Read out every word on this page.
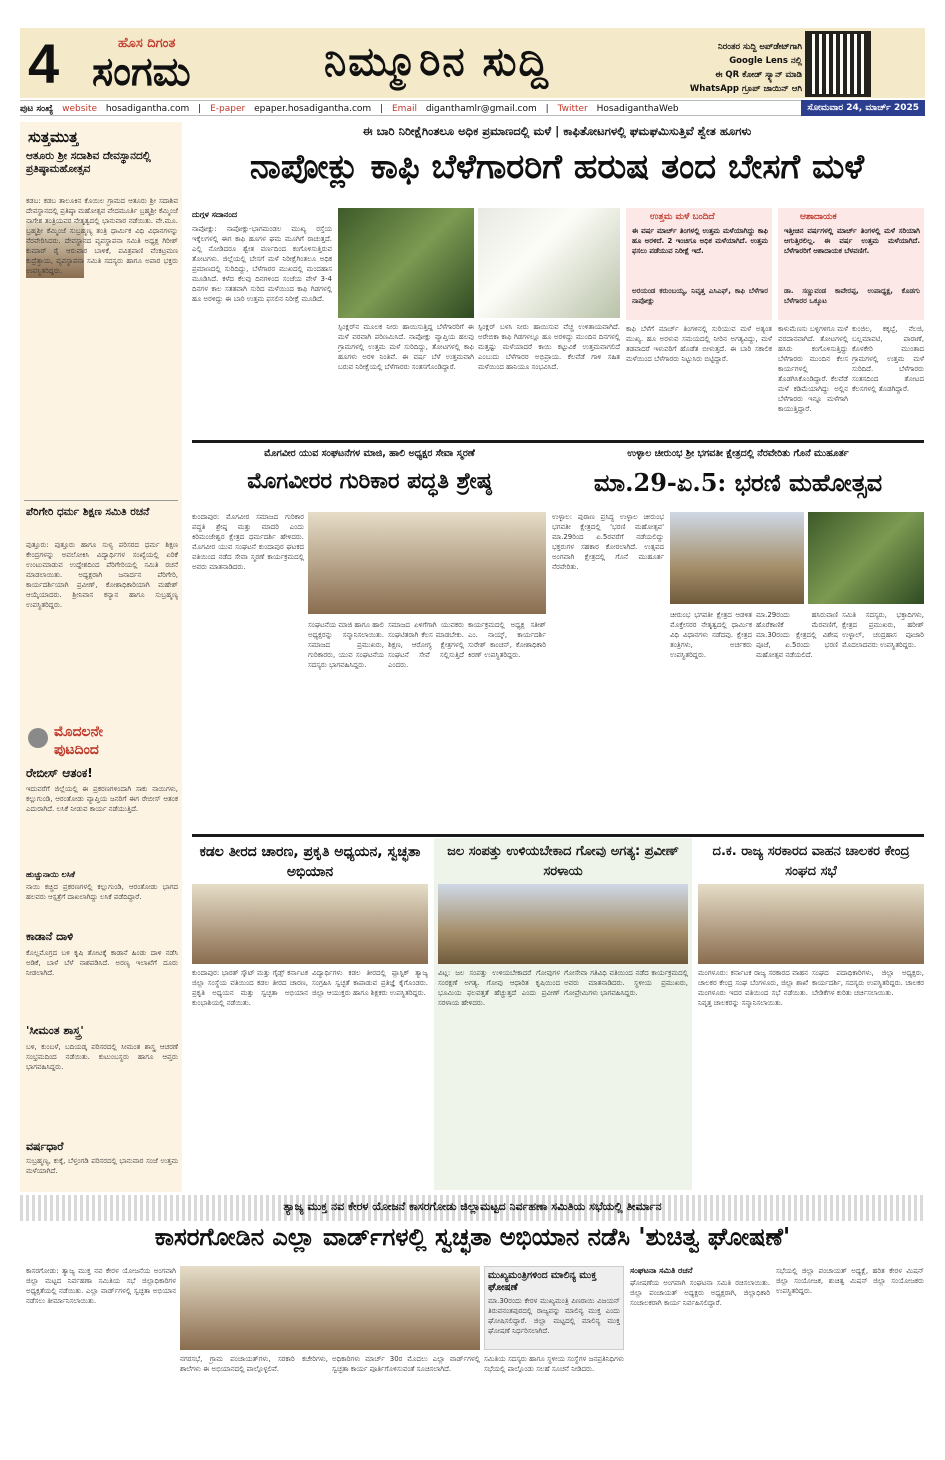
4	ಹೊಸ ದಿಗಂತ
ಸಂಗಮ	ನಿಮ್ಮೂರಿನ ಸುದ್ದಿ	ನಿರಂತರ ಸುದ್ದಿ ಅಪ್‌ಡೇಟ್‌ಗಾಗಿ
Google Lens ನಲ್ಲಿ
ಈ QR ಕೋಡ್ ಸ್ಕ್ಯಾನ್ ಮಾಡಿ
WhatsApp ಗ್ರೂಪ್ ಜಾಯಿನ್ ಆಗಿ
ಪುಟ ಸಂಖ್ಯೆ website hosadigantha.com | E-paper epaper.hosadigantha.com | Email diganthamlr@gmail.com | Twitter HosadiganthaWeb	ಸೋಮವಾರ 24, ಮಾರ್ಚ್ 2025
ಸುತ್ತಮುತ್ತ
ಆತೂರು ಶ್ರೀ ಸದಾಶಿವ ದೇವಸ್ಥಾನದಲ್ಲಿ ಪ್ರತಿಷ್ಠಾಮಹೋತ್ಸವ
ಕಡಬ: ಕಡಬ ತಾಲೂಕಿನ ಕೊಯಿಲ ಗ್ರಾಮದ ಆತೂರು ಶ್ರೀ ಸದಾಶಿವ ದೇವಸ್ಥಾನದಲ್ಲಿ ಪ್ರತಿಷ್ಠಾ ಮಹೋತ್ಸವ ವೇದಮೂರ್ತಿ ಬ್ರಹ್ಮಶ್ರೀ ಕೆಮ್ಮಿಂಜೆ ನಾಗೇಶ ತಂತ್ರಿಯವರ ನೇತೃತ್ವದಲ್ಲಿ ಭಾನುವಾರ ನಡೆಯಿತು. ವೇ.ಮೂ. ಬ್ರಹ್ಮಶ್ರೀ ಕೆಮ್ಮಿಂಜೆ ಸುಬ್ರಹ್ಮಣ್ಯ ತಂತ್ರಿ ಧಾರ್ಮಿಕ ವಿಧಿ ವಿಧಾನಗಳನ್ನು ನೆರವೇರಿಸಿದರು. ದೇವಸ್ಥಾನದ ವ್ಯವಸ್ಥಾಪನಾ ಸಮಿತಿ ಅಧ್ಯಕ್ಷ ಗಿರೀಶ್ ಕುಮಾರ್ ರೈ ಆರುವಾರ ಬಾಳಿಕೆ, ಪವಿತ್ರಪಾಣಿ ವೆಂಕಟ್ರಮಣ ಕುದ್ರೆತ್ತಾಯ, ವ್ಯವಸ್ಥಾಪನಾ ಸಮಿತಿ ಸದಸ್ಯರು ಹಾಗೂ ಅಪಾರ ಭಕ್ತರು ಉಪಸ್ಥಿತರಿದ್ದರು.
ಪೆರಿಗೇರಿ ಧರ್ಮ ಶಿಕ್ಷಣ ಸಮಿತಿ ರಚನೆ
ಪುತ್ತೂರು: ಪುತ್ತೂರು ಹಾಗೂ ಸುಳ್ಯ ಪರಿಸರದ ಧರ್ಮ ಶಿಕ್ಷಣ ಕೇಂದ್ರಗಳನ್ನು ಅವಲೋಕಿಸಿ ವಿದ್ಯಾರ್ಥಿಗಳ ಸಂಖ್ಯೆಯಲ್ಲಿ ಏರಿಕೆ ಉಂಟುಮಾಡುವ ಉದ್ದೇಶದಿಂದ ಪೆರಿಗೇರಿಯಲ್ಲಿ ಸಮಿತಿ ರಚನೆ ಮಾಡಲಾಯಿತು. ಅಧ್ಯಕ್ಷರಾಗಿ ಜನಾರ್ದನ ಪೆರಿಗೇರಿ, ಕಾರ್ಯದರ್ಶಿಯಾಗಿ ಪ್ರವೀಣ್, ಕೋಶಾಧಿಕಾರಿಯಾಗಿ ಮಹೇಶ್ ಆಯ್ಕೆಯಾದರು. ಶ್ರೀನಿವಾಸ ಕನ್ಯಾನ ಹಾಗೂ ಸುಬ್ರಹ್ಮಣ್ಯ ಉಪಸ್ಥಿತರಿದ್ದರು.
ಮೊದಲನೇ
ಪುಟದಿಂದ
ರೇಬೀಸ್ ಆತಂಕ!
ಇದುವರೆಗೆ ಜಿಲ್ಲೆಯಲ್ಲಿ ಈ ಪ್ರಕರಣಗಳಿಂದಾಗಿ ಸಾಕು ನಾಯಿಗಳು, ಕಲ್ಲುಗುಂಡಿ, ಆರಂತೋಡು ವ್ಯಾಪ್ತಿಯ ಜನರಿಗೆ ಈಗ ರೇಬೀಸ್ ಆತಂಕ ಎದುರಾಗಿದೆ. ಲಸಿಕೆ ನೀಡುವ ಕಾರ್ಯ ನಡೆಯುತ್ತಿದೆ.
ಹುಚ್ಚುನಾಯಿ ಲಸಿಕೆ
ನಾಯಿ ಕಚ್ಚಿದ ಪ್ರಕರಣಗಳಲ್ಲಿ ಕಲ್ಲುಗುಂಡಿ, ಆರಂತೋಡು ಭಾಗದ ಹಲವರು ಆಸ್ಪತ್ರೆಗೆ ದಾಖಲಾಗಿದ್ದು ಲಸಿಕೆ ಪಡೆದಿದ್ದಾರೆ.
ಕಾಡಾನೆ ದಾಳಿ
ಕೊಲ್ಲಮೊಗ್ರದ ಬಳಿ ಕೃಷಿ ತೋಟಕ್ಕೆ ಕಾಡಾನೆ ಹಿಂಡು ದಾಳಿ ನಡೆಸಿ ಅಡಿಕೆ, ಬಾಳೆ ಬೆಳೆ ನಾಶಪಡಿಸಿದೆ. ಅರಣ್ಯ ಇಲಾಖೆಗೆ ದೂರು ನೀಡಲಾಗಿದೆ.
'ಸೀಮಂತ ಶಾಸ್ತ್ರ'
ಬಳಿ, ಕುಂಬಳೆ, ಬದಿಯಡ್ಕ ಪರಿಸರದಲ್ಲಿ ಸೀಮಂತ ಶಾಸ್ತ್ರ ಆಚರಣೆ ಸಂಭ್ರಮದಿಂದ ನಡೆಯಿತು. ಕುಟುಂಬಸ್ಥರು ಹಾಗೂ ಆಪ್ತರು ಭಾಗವಹಿಸಿದ್ದರು.
ವರ್ಷಧಾರೆ
ಸುಬ್ರಹ್ಮಣ್ಯ, ಕುಕ್ಕೆ, ಬೆಳ್ತಂಗಡಿ ಪರಿಸರದಲ್ಲಿ ಭಾನುವಾರ ಸಂಜೆ ಉತ್ತಮ ಮಳೆಯಾಗಿದೆ.
ಈ ಬಾರಿ ನಿರೀಕ್ಷೆಗಿಂತಲೂ ಅಧಿಕ ಪ್ರಮಾಣದಲ್ಲಿ ಮಳೆ | ಕಾಫಿತೋಟಗಳಲ್ಲಿ ಘಮಘಮಿಸುತ್ತಿವೆ ಶ್ವೇತ ಹೂಗಳು
ನಾಪೋಕ್ಲು ಕಾಫಿ ಬೆಳೆಗಾರರಿಗೆ ಹರುಷ ತಂದ ಬೇಸಗೆ ಮಳೆ
ದುಗ್ಗಳ ಸದಾನಂದ
ನಾಪೋಕ್ಲು: ನಾಪೋಕ್ಲು-ಭಾಗಮಂಡಲ ಮುಖ್ಯ ರಸ್ತೆಯ ಇಕ್ಕೆಲಗಳಲ್ಲಿ ಈಗ ಕಾಫಿ ಹೂಗಳ ಘಮ ಮೂಗಿಗೆ ರಾಚುತ್ತದೆ. ಎಲ್ಲಿ ನೋಡಿದರೂ ಶ್ವೇತ ವರ್ಣದಿಂದ ಕಂಗೊಳಿಸುತ್ತಿರುವ ತೋಟಗಳು. ಜಿಲ್ಲೆಯಲ್ಲಿ ಬೇಸಗೆ ಮಳೆ ನಿರೀಕ್ಷೆಗಿಂತಲೂ ಅಧಿಕ ಪ್ರಮಾಣದಲ್ಲಿ ಸುರಿದಿದ್ದು, ಬೆಳೆಗಾರರ ಮುಖದಲ್ಲಿ ಮಂದಹಾಸ ಮೂಡಿಸಿದೆ. ಕಳೆದ ಕೆಲವು ದಿನಗಳಿಂದ ಸಂಜೆಯ ವೇಳೆ 3-4 ದಿನಗಳ ಕಾಲ ಸತತವಾಗಿ ಸುರಿದ ಮಳೆಯಿಂದ ಕಾಫಿ ಗಿಡಗಳಲ್ಲಿ ಹೂ ಅರಳಿದ್ದು ಈ ಬಾರಿ ಉತ್ತಮ ಫಸಲಿನ ನಿರೀಕ್ಷೆ ಮೂಡಿದೆ.
ಸ್ಪಿಂಕ್ಲರ್‌ನ ಮೂಲಕ ನೀರು ಹಾಯಿಸುತ್ತಿದ್ದ ಬೆಳೆಗಾರರಿಗೆ ಈ ಮಳೆ ವರವಾಗಿ ಪರಿಣಮಿಸಿದೆ. ನಾಪೋಕ್ಲು ವ್ಯಾಪ್ತಿಯ ಹಲವು ಗ್ರಾಮಗಳಲ್ಲಿ ಉತ್ತಮ ಮಳೆ ಸುರಿದಿದ್ದು, ತೋಟಗಳಲ್ಲಿ ಕಾಫಿ ಹೂಗಳು ಅರಳಿ ನಿಂತಿವೆ. ಈ ವರ್ಷ ಬೆಳೆ ಉತ್ತಮವಾಗಿ ಬರುವ ನಿರೀಕ್ಷೆಯಲ್ಲಿ ಬೆಳೆಗಾರರು ಸಂತಸಗೊಂಡಿದ್ದಾರೆ.
ಸ್ಪಿಂಕ್ಲರ್ ಬಳಸಿ ನೀರು ಹಾಯಿಸುವ ವೆಚ್ಚ ಉಳಿತಾಯವಾಗಿದೆ. ಅರೇಬಿಕಾ ಕಾಫಿ ಗಿಡಗಳಲ್ಲೂ ಹೂ ಅರಳಿದ್ದು ಮುಂದಿನ ದಿನಗಳಲ್ಲಿ ಮತ್ತಷ್ಟು ಮಳೆಯಾದರೆ ಕಾಯಿ ಕಟ್ಟುವಿಕೆ ಉತ್ತಮವಾಗಲಿದೆ ಎಂಬುದು ಬೆಳೆಗಾರರ ಅಭಿಪ್ರಾಯ. ಕೆಲವೆಡೆ ಗಾಳಿ ಸಹಿತ ಮಳೆಯಿಂದ ಹಾನಿಯೂ ಸಂಭವಿಸಿದೆ.
ಉತ್ತಮ ಮಳೆ ಬಂದಿದೆ
ಈ ವರ್ಷ ಮಾರ್ಚ್ ತಿಂಗಳಲ್ಲಿ ಉತ್ತಮ ಮಳೆಯಾಗಿದ್ದು ಕಾಫಿ ಹೂ ಅರಳಿದೆ. 2 ಇಂಚಿಗೂ ಅಧಿಕ ಮಳೆಯಾಗಿದೆ. ಉತ್ತಮ ಫಸಲು ಪಡೆಯುವ ನಿರೀಕ್ಷೆ ಇದೆ.
ಅರಯಂಡ ಕರುಂಬಯ್ಯ, ನಿವೃತ್ತ ಎಸಿಎಫ್, ಕಾಫಿ ಬೆಳೆಗಾರ ನಾಪೋಕ್ಲು
ಆಶಾದಾಯಕ
ಇತ್ತೀಚಿನ ವರ್ಷಗಳಲ್ಲಿ ಮಾರ್ಚ್ ತಿಂಗಳಲ್ಲಿ ಮಳೆ ಸರಿಯಾಗಿ ಆಗುತ್ತಿರಲಿಲ್ಲ. ಈ ವರ್ಷ ಉತ್ತಮ ಮಳೆಯಾಗಿದೆ. ಬೆಳೆಗಾರರಿಗೆ ಆಶಾದಾಯಕ ಬೆಳವಣಿಗೆ.
ಡಾ. ಸಣ್ಣುವಂಡ ಕಾವೇರಪ್ಪ, ಉಪಾಧ್ಯಕ್ಷ, ಕೊಡಗು ಬೆಳೆಗಾರರ ಒಕ್ಕೂಟ
ಕಾಫಿ ಬೆಳೆಗೆ ಮಾರ್ಚ್ ತಿಂಗಳಿನಲ್ಲಿ ಸುರಿಯುವ ಮಳೆ ಅತ್ಯಂತ ಮುಖ್ಯ. ಹೂ ಅರಳುವ ಸಮಯದಲ್ಲಿ ನೀರಿನ ಅಗತ್ಯವಿದ್ದು, ಮಳೆ ತಡವಾದರೆ ಇಳುವರಿಗೆ ಹೊಡೆತ ಬೀಳುತ್ತದೆ. ಈ ಬಾರಿ ಸಕಾಲಿಕ ಮಳೆಯಿಂದ ಬೆಳೆಗಾರರು ನಿಟ್ಟುಸಿರು ಬಿಟ್ಟಿದ್ದಾರೆ.
ಕಾಳುಮೆಣಸು ಬಳ್ಳಿಗಳಿಗೂ ಮಳೆ ವರದಾನವಾಗಿದೆ. ತೋಟಗಳಲ್ಲಿ ಹಸಿರು ಕಂಗೊಳಿಸುತ್ತಿದ್ದು ಬೆಳೆಗಾರರು ಮುಂದಿನ ಕೆಲಸ ಕಾರ್ಯಗಳಲ್ಲಿ ತೊಡಗಿಸಿಕೊಂಡಿದ್ದಾರೆ. ಕೆಲವೆಡೆ ಮಳೆ ಕಡಿಮೆಯಾಗಿದ್ದು ಅಲ್ಲಿನ ಬೆಳೆಗಾರರು ಇನ್ನೂ ಮಳೆಗಾಗಿ ಕಾಯುತ್ತಿದ್ದಾರೆ.
ಕುಂಜಿಲ, ಕಕ್ಕಬ್ಬೆ, ನೆಲಜಿ, ಬಲ್ಲಮಾವಟಿ, ಪಾರಾಣೆ, ಕೊಳಕೇರಿ ಮುಂತಾದ ಗ್ರಾಮಗಳಲ್ಲಿ ಉತ್ತಮ ಮಳೆ ಸುರಿದಿದೆ. ಬೆಳೆಗಾರರು ಸಂತಸದಿಂದ ತೋಟದ ಕೆಲಸಗಳಲ್ಲಿ ತೊಡಗಿದ್ದಾರೆ.
ಮೊಗವೀರ ಯುವ ಸಂಘಟನೆಗಳ ಮಾಜಿ, ಹಾಲಿ ಅಧ್ಯಕ್ಷರ ಸೇವಾ ಸ್ಮರಣೆ
ಮೊಗವೀರರ ಗುರಿಕಾರ ಪದ್ಧತಿ ಶ್ರೇಷ್ಠ
ಕುಂದಾಪುರ: ಮೊಗವೀರ ಸಮಾಜದ ಗುರಿಕಾರ ಪದ್ಧತಿ ಶ್ರೇಷ್ಠ ಮತ್ತು ಮಾದರಿ ಎಂದು ಕಿರಿಮಂಜೇಶ್ವರ ಕ್ಷೇತ್ರದ ಧರ್ಮದರ್ಶಿ ಹೇಳಿದರು. ಮೊಗವೀರ ಯುವ ಸಂಘಟನೆ ಕುಂದಾಪುರ ಘಟಕದ ವತಿಯಿಂದ ನಡೆದ ಸೇವಾ ಸ್ಮರಣೆ ಕಾರ್ಯಕ್ರಮದಲ್ಲಿ ಅವರು ಮಾತನಾಡಿದರು.
ಸಂಘಟನೆಯ ಮಾಜಿ ಹಾಗೂ ಹಾಲಿ ಅಧ್ಯಕ್ಷರನ್ನು ಸನ್ಮಾನಿಸಲಾಯಿತು. ಸಮಾಜದ ಪ್ರಮುಖರು, ಗುರಿಕಾರರು, ಯುವ ಸಂಘಟನೆಯ ಸದಸ್ಯರು ಭಾಗವಹಿಸಿದ್ದರು.
ಸಮಾಜದ ಏಳಿಗೆಗಾಗಿ ಯುವಕರು ಸಂಘಟಿತರಾಗಿ ಕೆಲಸ ಮಾಡಬೇಕು. ಶಿಕ್ಷಣ, ಆರೋಗ್ಯ ಕ್ಷೇತ್ರಗಳಲ್ಲಿ ಸಂಘಟನೆ ಸೇವೆ ಸಲ್ಲಿಸುತ್ತಿದೆ ಎಂದರು.
ಕಾರ್ಯಕ್ರಮದಲ್ಲಿ ಅಧ್ಯಕ್ಷ ಸತೀಶ್ ಎಂ. ನಾಯ್ಕ್, ಕಾರ್ಯದರ್ಶಿ ಸುರೇಶ್ ಕಾಂಚನ್, ಕೋಶಾಧಿಕಾರಿ ಕಿರಣ್ ಉಪಸ್ಥಿತರಿದ್ದರು.
ಉಳ್ಳಾಲ ಚೀರುಂಭ ಶ್ರೀ ಭಗವತೀ ಕ್ಷೇತ್ರದಲ್ಲಿ ನೆರವೇರಿತು ಗೊನೆ ಮುಹೂರ್ತ
ಮಾ.29-ಏ.5: ಭರಣಿ ಮಹೋತ್ಸವ
ಉಳ್ಳಾಲ: ಪುರಾಣ ಪ್ರಸಿದ್ಧ ಉಳ್ಳಾಲ ಚೀರುಂಭ ಭಗವತೀ ಕ್ಷೇತ್ರದಲ್ಲಿ 'ಭರಣಿ ಮಹೋತ್ಸವ' ಮಾ.29ರಿಂದ ಏ.5ರವರೆಗೆ ನಡೆಯಲಿದ್ದು ಭಕ್ತರುಗಳ ಸಹಕಾರ ಕೋರಲಾಗಿದೆ. ಉತ್ಸವದ ಅಂಗವಾಗಿ ಕ್ಷೇತ್ರದಲ್ಲಿ ಗೊನೆ ಮುಹೂರ್ತ ನೆರವೇರಿತು.
ಚೀರುಂಭ ಭಗವತೀ ಕ್ಷೇತ್ರದ ಆಡಳಿತ ಮೊಕ್ತೇಸರರ ನೇತೃತ್ವದಲ್ಲಿ ಧಾರ್ಮಿಕ ವಿಧಿ ವಿಧಾನಗಳು ನಡೆದವು. ಕ್ಷೇತ್ರದ ತಂತ್ರಿಗಳು, ಅರ್ಚಕರು ಉಪಸ್ಥಿತರಿದ್ದರು.
ಮಾ.29ರಂದು ಹಸಿರುವಾಣಿ ಹೊರೆಕಾಣಿಕೆ ಮೆರವಣಿಗೆ, ಮಾ.30ರಂದು ಕ್ಷೇತ್ರದಲ್ಲಿ ವಿಶೇಷ ಪೂಜೆ, ಏ.5ರಂದು ಭರಣಿ ಮಹೋತ್ಸವ ನಡೆಯಲಿದೆ.
ಸಮಿತಿ ಸದಸ್ಯರು, ಭಕ್ತಾದಿಗಳು, ಕ್ಷೇತ್ರದ ಪ್ರಮುಖರು, ಹರೀಶ್ ಉಳ್ಳಾಲ್, ಚಂದ್ರಹಾಸ ಪೂಜಾರಿ ಮೊದಲಾದವರು ಉಪಸ್ಥಿತರಿದ್ದರು.
ಕಡಲ ತೀರದ ಚಾರಣ, ಪ್ರಕೃತಿ ಅಧ್ಯಯನ, ಸ್ವಚ್ಛತಾ ಅಭಿಯಾನ
ಕುಂದಾಪುರ: ಭಾರತ್ ಸ್ಕೌಟ್ ಮತ್ತು ಗೈಡ್ಸ್ ಕರ್ನಾಟಕ ಜಿಲ್ಲಾ ಸಂಸ್ಥೆಯ ವತಿಯಿಂದ ಕಡಲ ತೀರದ ಚಾರಣ, ಪ್ರಕೃತಿ ಅಧ್ಯಯನ ಮತ್ತು ಸ್ವಚ್ಛತಾ ಅಭಿಯಾನ ಕುಂಭಾಶಿಯಲ್ಲಿ ನಡೆಯಿತು.
ವಿದ್ಯಾರ್ಥಿಗಳು ಕಡಲ ತೀರದಲ್ಲಿ ಪ್ಲಾಸ್ಟಿಕ್ ತ್ಯಾಜ್ಯ ಸಂಗ್ರಹಿಸಿ ಸ್ವಚ್ಛತೆ ಕಾಪಾಡುವ ಪ್ರತಿಜ್ಞೆ ಕೈಗೊಂಡರು. ಜಿಲ್ಲಾ ಆಯುಕ್ತರು ಹಾಗೂ ಶಿಕ್ಷಕರು ಉಪಸ್ಥಿತರಿದ್ದರು.
ಜಲ ಸಂಪತ್ತು ಉಳಿಯಬೇಕಾದ ಗೋವು ಅಗತ್ಯ: ಪ್ರವೀಣ್ ಸರಳಾಯ
ವಿಟ್ಲ: ಜಲ ಸಂಪತ್ತು ಉಳಿಯಬೇಕಾದರೆ ಗೋವುಗಳ ಸಂರಕ್ಷಣೆ ಅಗತ್ಯ. ಗೋವು ಆಧಾರಿತ ಕೃಷಿಯಿಂದ ಭೂಮಿಯ ಫಲವತ್ತತೆ ಹೆಚ್ಚುತ್ತದೆ ಎಂದು ಪ್ರವೀಣ್ ಸರಳಾಯ ಹೇಳಿದರು.
ಗೋಸೇವಾ ಗತಿವಿಧಿ ವತಿಯಿಂದ ನಡೆದ ಕಾರ್ಯಕ್ರಮದಲ್ಲಿ ಅವರು ಮಾತನಾಡಿದರು. ಸ್ಥಳೀಯ ಪ್ರಮುಖರು, ಗೋಪ್ರೇಮಿಗಳು ಭಾಗವಹಿಸಿದ್ದರು.
ದ.ಕ. ರಾಜ್ಯ ಸರಕಾರದ ವಾಹನ ಚಾಲಕರ ಕೇಂದ್ರ ಸಂಘದ ಸಭೆ
ಮಂಗಳೂರು: ಕರ್ನಾಟಕ ರಾಜ್ಯ ಸರಕಾರದ ವಾಹನ ಚಾಲಕರ ಕೇಂದ್ರ ಸಂಘ ಬೆಂಗಳೂರು, ಜಿಲ್ಲಾ ಶಾಖೆ ಮಂಗಳೂರು ಇದರ ವತಿಯಿಂದ ಸಭೆ ನಡೆಯಿತು. ನಿವೃತ್ತ ಚಾಲಕರನ್ನು ಸನ್ಮಾನಿಸಲಾಯಿತು.
ಸಂಘದ ಪದಾಧಿಕಾರಿಗಳು, ಜಿಲ್ಲಾ ಅಧ್ಯಕ್ಷರು, ಕಾರ್ಯದರ್ಶಿ, ಸದಸ್ಯರು ಉಪಸ್ಥಿತರಿದ್ದರು. ಚಾಲಕರ ಬೇಡಿಕೆಗಳ ಕುರಿತು ಚರ್ಚಿಸಲಾಯಿತು.
ತ್ಯಾಜ್ಯ ಮುಕ್ತ ನವ ಕೇರಳ ಯೋಜನೆ ಕಾಸರಗೋಡು ಜಿಲ್ಲಾಮಟ್ಟದ ನಿರ್ವಹಣಾ ಸಮಿತಿಯ ಸಭೆಯಲ್ಲಿ ತೀರ್ಮಾನ
ಕಾಸರಗೋಡಿನ ಎಲ್ಲಾ ವಾರ್ಡ್‌ಗಳಲ್ಲಿ ಸ್ವಚ್ಛತಾ ಅಭಿಯಾನ ನಡೆಸಿ 'ಶುಚಿತ್ವ ಘೋಷಣೆ'
ಕಾಸರಗೋಡು: ತ್ಯಾಜ್ಯ ಮುಕ್ತ ನವ ಕೇರಳ ಯೋಜನೆಯ ಅಂಗವಾಗಿ ಜಿಲ್ಲಾ ಮಟ್ಟದ ನಿರ್ವಹಣಾ ಸಮಿತಿಯ ಸಭೆ ಜಿಲ್ಲಾಧಿಕಾರಿಗಳ ಅಧ್ಯಕ್ಷತೆಯಲ್ಲಿ ನಡೆಯಿತು. ಎಲ್ಲಾ ವಾರ್ಡ್‌ಗಳಲ್ಲಿ ಸ್ವಚ್ಛತಾ ಅಭಿಯಾನ ನಡೆಸಲು ತೀರ್ಮಾನಿಸಲಾಯಿತು.
ನಗರಸಭೆ, ಗ್ರಾಮ ಪಂಚಾಯತ್‌ಗಳು, ಸರಕಾರಿ ಕಚೇರಿಗಳು, ಶಾಲೆಗಳು ಈ ಅಭಿಯಾನದಲ್ಲಿ ಪಾಲ್ಗೊಳ್ಳಲಿವೆ.
ಅಧಿಕಾರಿಗಳು ಮಾರ್ಚ್ 30ರ ಮೊದಲು ಎಲ್ಲಾ ವಾರ್ಡ್‌ಗಳಲ್ಲಿ ಸ್ವಚ್ಛತಾ ಕಾರ್ಯ ಪೂರ್ತಿಗೊಳಿಸುವಂತೆ ಸೂಚಿಸಲಾಗಿದೆ.
ಮುಖ್ಯಮಂತ್ರಿಗಳಿಂದ ಮಾಲಿನ್ಯ ಮುಕ್ತ ಘೋಷಣೆ
ಮಾ.30ರಂದು ಕೇರಳ ಮುಖ್ಯಮಂತ್ರಿ ಪಿಣರಾಯಿ ವಿಜಯನ್ ತಿರುವನಂತಪುರದಲ್ಲಿ ರಾಜ್ಯವನ್ನು ಮಾಲಿನ್ಯ ಮುಕ್ತ ಎಂದು ಘೋಷಿಸಲಿದ್ದಾರೆ. ಜಿಲ್ಲಾ ಮಟ್ಟದಲ್ಲಿ ಮಾಲಿನ್ಯ ಮುಕ್ತ ಘೋಷಣೆ ನಿರ್ಧರಿಸಲಾಗಿದೆ.
ಸಮಿತಿಯ ಸದಸ್ಯರು ಹಾಗೂ ಸ್ಥಳೀಯ ಸಂಸ್ಥೆಗಳ ಜನಪ್ರತಿನಿಧಿಗಳು ಸಭೆಯಲ್ಲಿ ಪಾಲ್ಗೊಂಡು ಸಲಹೆ ಸೂಚನೆ ನೀಡಿದರು.
ಸಂಘಟನಾ ಸಮಿತಿ ರಚನೆ
ಘೋಷಣೆಯ ಅಂಗವಾಗಿ ಸಂಘಟನಾ ಸಮಿತಿ ರಚಿಸಲಾಯಿತು. ಜಿಲ್ಲಾ ಪಂಚಾಯತ್ ಅಧ್ಯಕ್ಷರು ಅಧ್ಯಕ್ಷರಾಗಿ, ಜಿಲ್ಲಾಧಿಕಾರಿ ಸಂಚಾಲಕರಾಗಿ ಕಾರ್ಯ ನಿರ್ವಹಿಸಲಿದ್ದಾರೆ.
ಸಭೆಯಲ್ಲಿ ಜಿಲ್ಲಾ ಪಂಚಾಯತ್ ಅಧ್ಯಕ್ಷೆ, ಹರಿತ ಕೇರಳ ಮಿಷನ್ ಜಿಲ್ಲಾ ಸಂಯೋಜಕ, ಶುಚಿತ್ವ ಮಿಷನ್ ಜಿಲ್ಲಾ ಸಂಯೋಜಕರು ಉಪಸ್ಥಿತರಿದ್ದರು.
